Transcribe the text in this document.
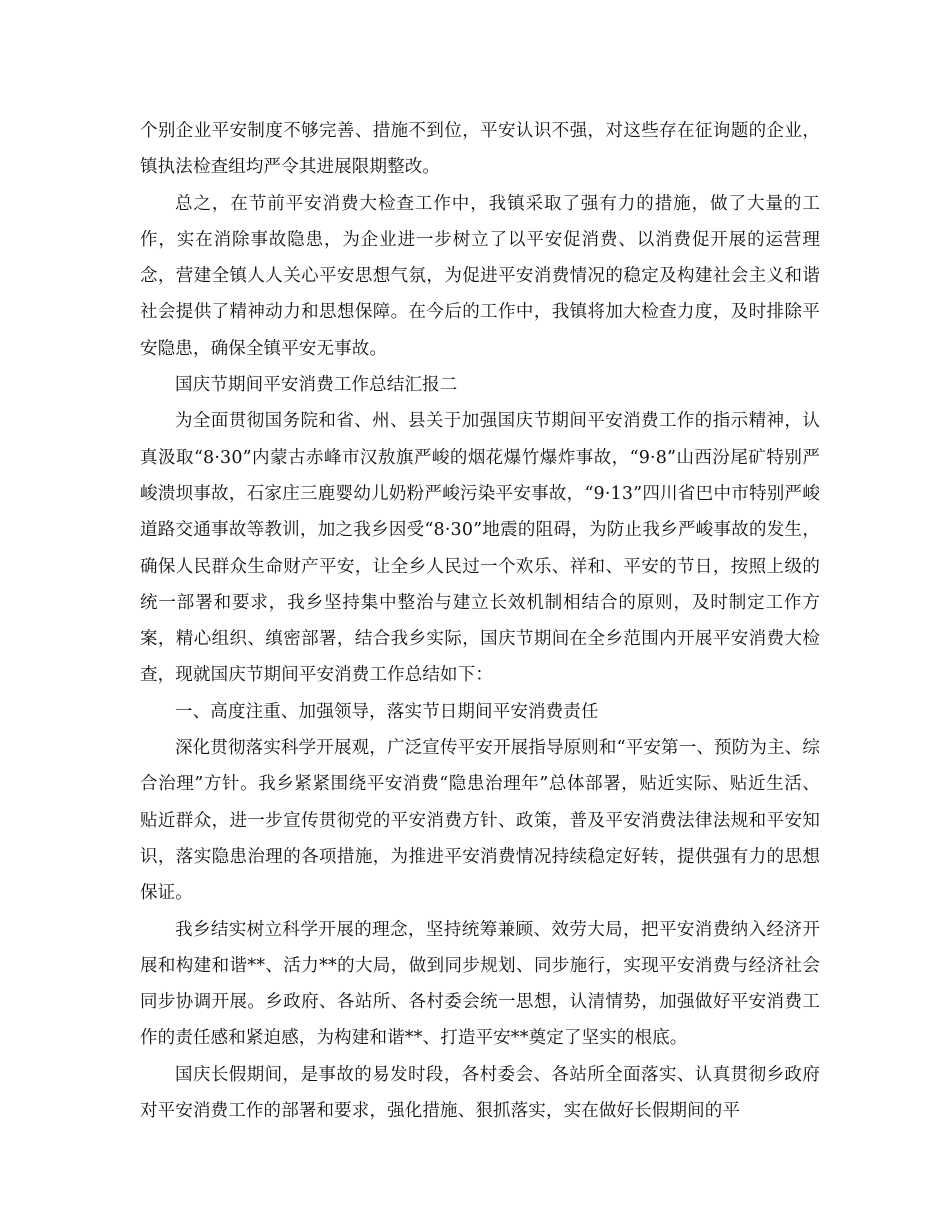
个别企业平安制度不够完善、措施不到位，平安认识不强，对这些存在征询题的企业，镇执法检查组均严令其进展限期整改。

总之，在节前平安消费大检查工作中，我镇采取了强有力的措施，做了大量的工作，实在消除事故隐患，为企业进一步树立了以平安促消费、以消费促开展的运营理念，营建全镇人人关心平安思想气氛，为促进平安消费情况的稳定及构建社会主义和谐社会提供了精神动力和思想保障。在今后的工作中，我镇将加大检查力度，及时排除平安隐患，确保全镇平安无事故。

国庆节期间平安消费工作总结汇报二

为全面贯彻国务院和省、州、县关于加强国庆节期间平安消费工作的指示精神，认真汲取“8·30”内蒙古赤峰市汉敖旗严峻的烟花爆竹爆炸事故，“9·8”山西汾尾矿特别严峻溃坝事故，石家庄三鹿婴幼儿奶粉严峻污染平安事故，“9·13”四川省巴中市特别严峻道路交通事故等教训，加之我乡因受“8·30”地震的阻碍，为防止我乡严峻事故的发生，确保人民群众生命财产平安，让全乡人民过一个欢乐、祥和、平安的节日，按照上级的统一部署和要求，我乡坚持集中整治与建立长效机制相结合的原则，及时制定工作方案，精心组织、缜密部署，结合我乡实际，国庆节期间在全乡范围内开展平安消费大检查，现就国庆节期间平安消费工作总结如下：

一、高度注重、加强领导，落实节日期间平安消费责任

深化贯彻落实科学开展观，广泛宣传平安开展指导原则和“平安第一、预防为主、综合治理”方针。我乡紧紧围绕平安消费“隐患治理年”总体部署，贴近实际、贴近生活、贴近群众，进一步宣传贯彻党的平安消费方针、政策，普及平安消费法律法规和平安知识，落实隐患治理的各项措施，为推进平安消费情况持续稳定好转，提供强有力的思想保证。

我乡结实树立科学开展的理念，坚持统筹兼顾、效劳大局，把平安消费纳入经济开展和构建和谐**、活力**的大局，做到同步规划、同步施行，实现平安消费与经济社会同步协调开展。乡政府、各站所、各村委会统一思想，认清情势，加强做好平安消费工作的责任感和紧迫感，为构建和谐**、打造平安**奠定了坚实的根底。

国庆长假期间，是事故的易发时段，各村委会、各站所全面落实、认真贯彻乡政府对平安消费工作的部署和要求，强化措施、狠抓落实，实在做好长假期间的平
